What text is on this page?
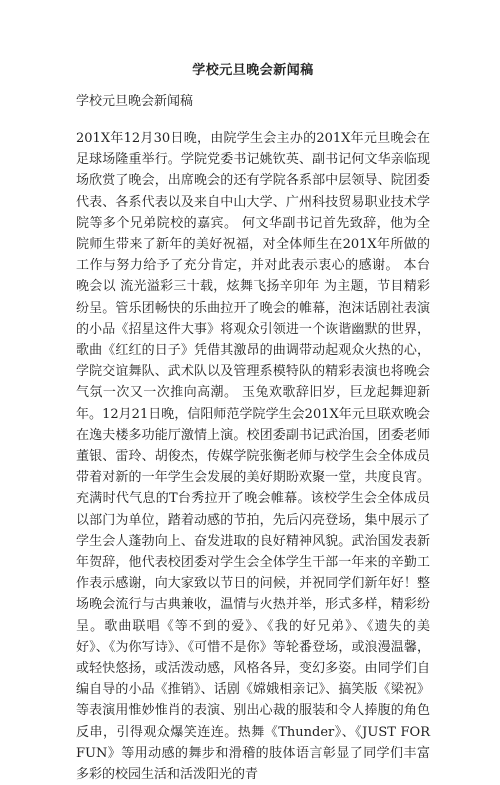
学校元旦晚会新闻稿

学校元旦晚会新闻稿

201X年12月30日晚，由院学生会主办的201X年元旦晚会在足球场隆重举行。学院党委书记姚钦英、副书记何文华亲临现场欣赏了晚会，出席晚会的还有学院各系部中层领导、院团委代表、各系代表以及来自中山大学、广州科技贸易职业技术学院等多个兄弟院校的嘉宾。 何文华副书记首先致辞，他为全院师生带来了新年的美好祝福，对全体师生在201X年所做的工作与努力给予了充分肯定，并对此表示衷心的感谢。 本台晚会以 流光溢彩三十载，炫舞飞扬辛卯年 为主题，节目精彩纷呈。管乐团畅快的乐曲拉开了晚会的帷幕，泡沫话剧社表演的小品《招星这件大事》将观众引领进一个诙谐幽默的世界，歌曲《红红的日子》凭借其激昂的曲调带动起观众火热的心，学院交谊舞队、武术队以及管理系模特队的精彩表演也将晚会气氛一次又一次推向高潮。 玉兔欢歌辞旧岁，巨龙起舞迎新年。12月21日晚，信阳师范学院学生会201X年元旦联欢晚会在逸夫楼多功能厅激情上演。校团委副书记武治国，团委老师董银、雷玲、胡俊杰，传媒学院张衡老师与校学生会全体成员带着对新的一年学生会发展的美好期盼欢聚一堂，共度良宵。 充满时代气息的T台秀拉开了晚会帷幕。该校学生会全体成员以部门为单位，踏着动感的节拍，先后闪亮登场，集中展示了学生会人蓬勃向上、奋发进取的良好精神风貌。武治国发表新年贺辞，他代表校团委对学生会全体学生干部一年来的辛勤工作表示感谢，向大家致以节日的问候，并祝同学们新年好！整场晚会流行与古典兼收，温情与火热并举，形式多样，精彩纷呈。歌曲联唱《等不到的爱》、《我的好兄弟》、《遗失的美好》、《为你写诗》、《可惜不是你》等轮番登场，或浪漫温馨，或轻快悠扬，或活泼动感，风格各异，变幻多姿。由同学们自编自导的小品《推销》、话剧《嫦娥相亲记》、搞笑版《梁祝》等表演用惟妙惟肖的表演、别出心裁的服装和令人捧腹的角色反串，引得观众爆笑连连。热舞《Thunder》、《JUST FOR FUN》等用动感的舞步和滑稽的肢体语言彰显了同学们丰富多彩的校园生活和活泼阳光的青
